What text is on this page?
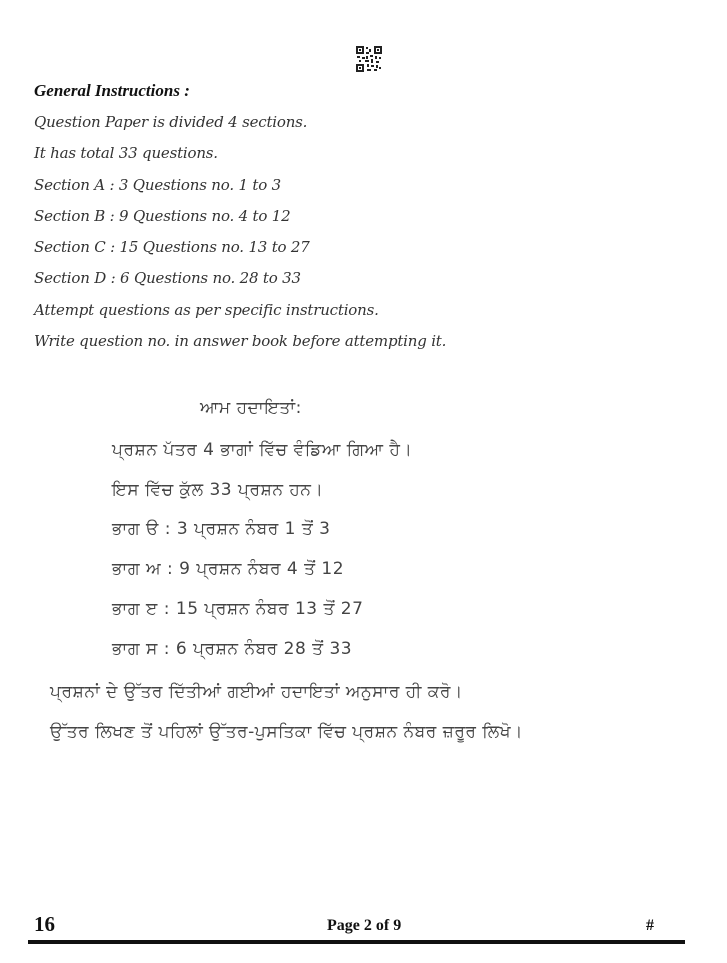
General Instructions :
Question Paper is divided 4 sections.
It has total 33 questions.
Section A : 3 Questions no. 1 to 3
Section B : 9 Questions no. 4 to 12
Section C : 15 Questions no. 13 to 27
Section D : 6 Questions no. 28 to 33
Attempt questions as per specific instructions.
Write question no. in answer book before attempting it.
ਆਮ ਹਦਾਇਤਾਂ:
ਪ੍ਰਸ਼ਨ ਪੱਤਰ 4 ਭਾਗਾਂ ਵਿੱਚ ਵੰਡਿਆ ਗਿਆ ਹੈ।
ਇਸ ਵਿੱਚ ਕੁੱਲ 33 ਪ੍ਰਸ਼ਨ ਹਨ।
ਭਾਗ ੳ : 3 ਪ੍ਰਸ਼ਨ ਨੰਬਰ 1 ਤੋਂ 3
ਭਾਗ ਅ : 9 ਪ੍ਰਸ਼ਨ ਨੰਬਰ 4 ਤੋਂ 12
ਭਾਗ ੲ : 15 ਪ੍ਰਸ਼ਨ ਨੰਬਰ 13 ਤੋਂ 27
ਭਾਗ ਸ : 6 ਪ੍ਰਸ਼ਨ ਨੰਬਰ 28 ਤੋਂ 33
ਪ੍ਰਸ਼ਨਾਂ ਦੇ ਉੱਤਰ ਦਿੱਤੀਆਂ ਗਈਆਂ ਹਦਾਇਤਾਂ ਅਨੁਸਾਰ ਹੀ ਕਰੋ।
ਉੱਤਰ ਲਿਖਣ ਤੋਂ ਪਹਿਲਾਂ ਉੱਤਰ-ਪੁਸਤਿਕਾ ਵਿੱਚ ਪ੍ਰਸ਼ਨ ਨੰਬਰ ਜ਼ਰੂਰ ਲਿਖੋ।
16	Page 2 of 9	#
